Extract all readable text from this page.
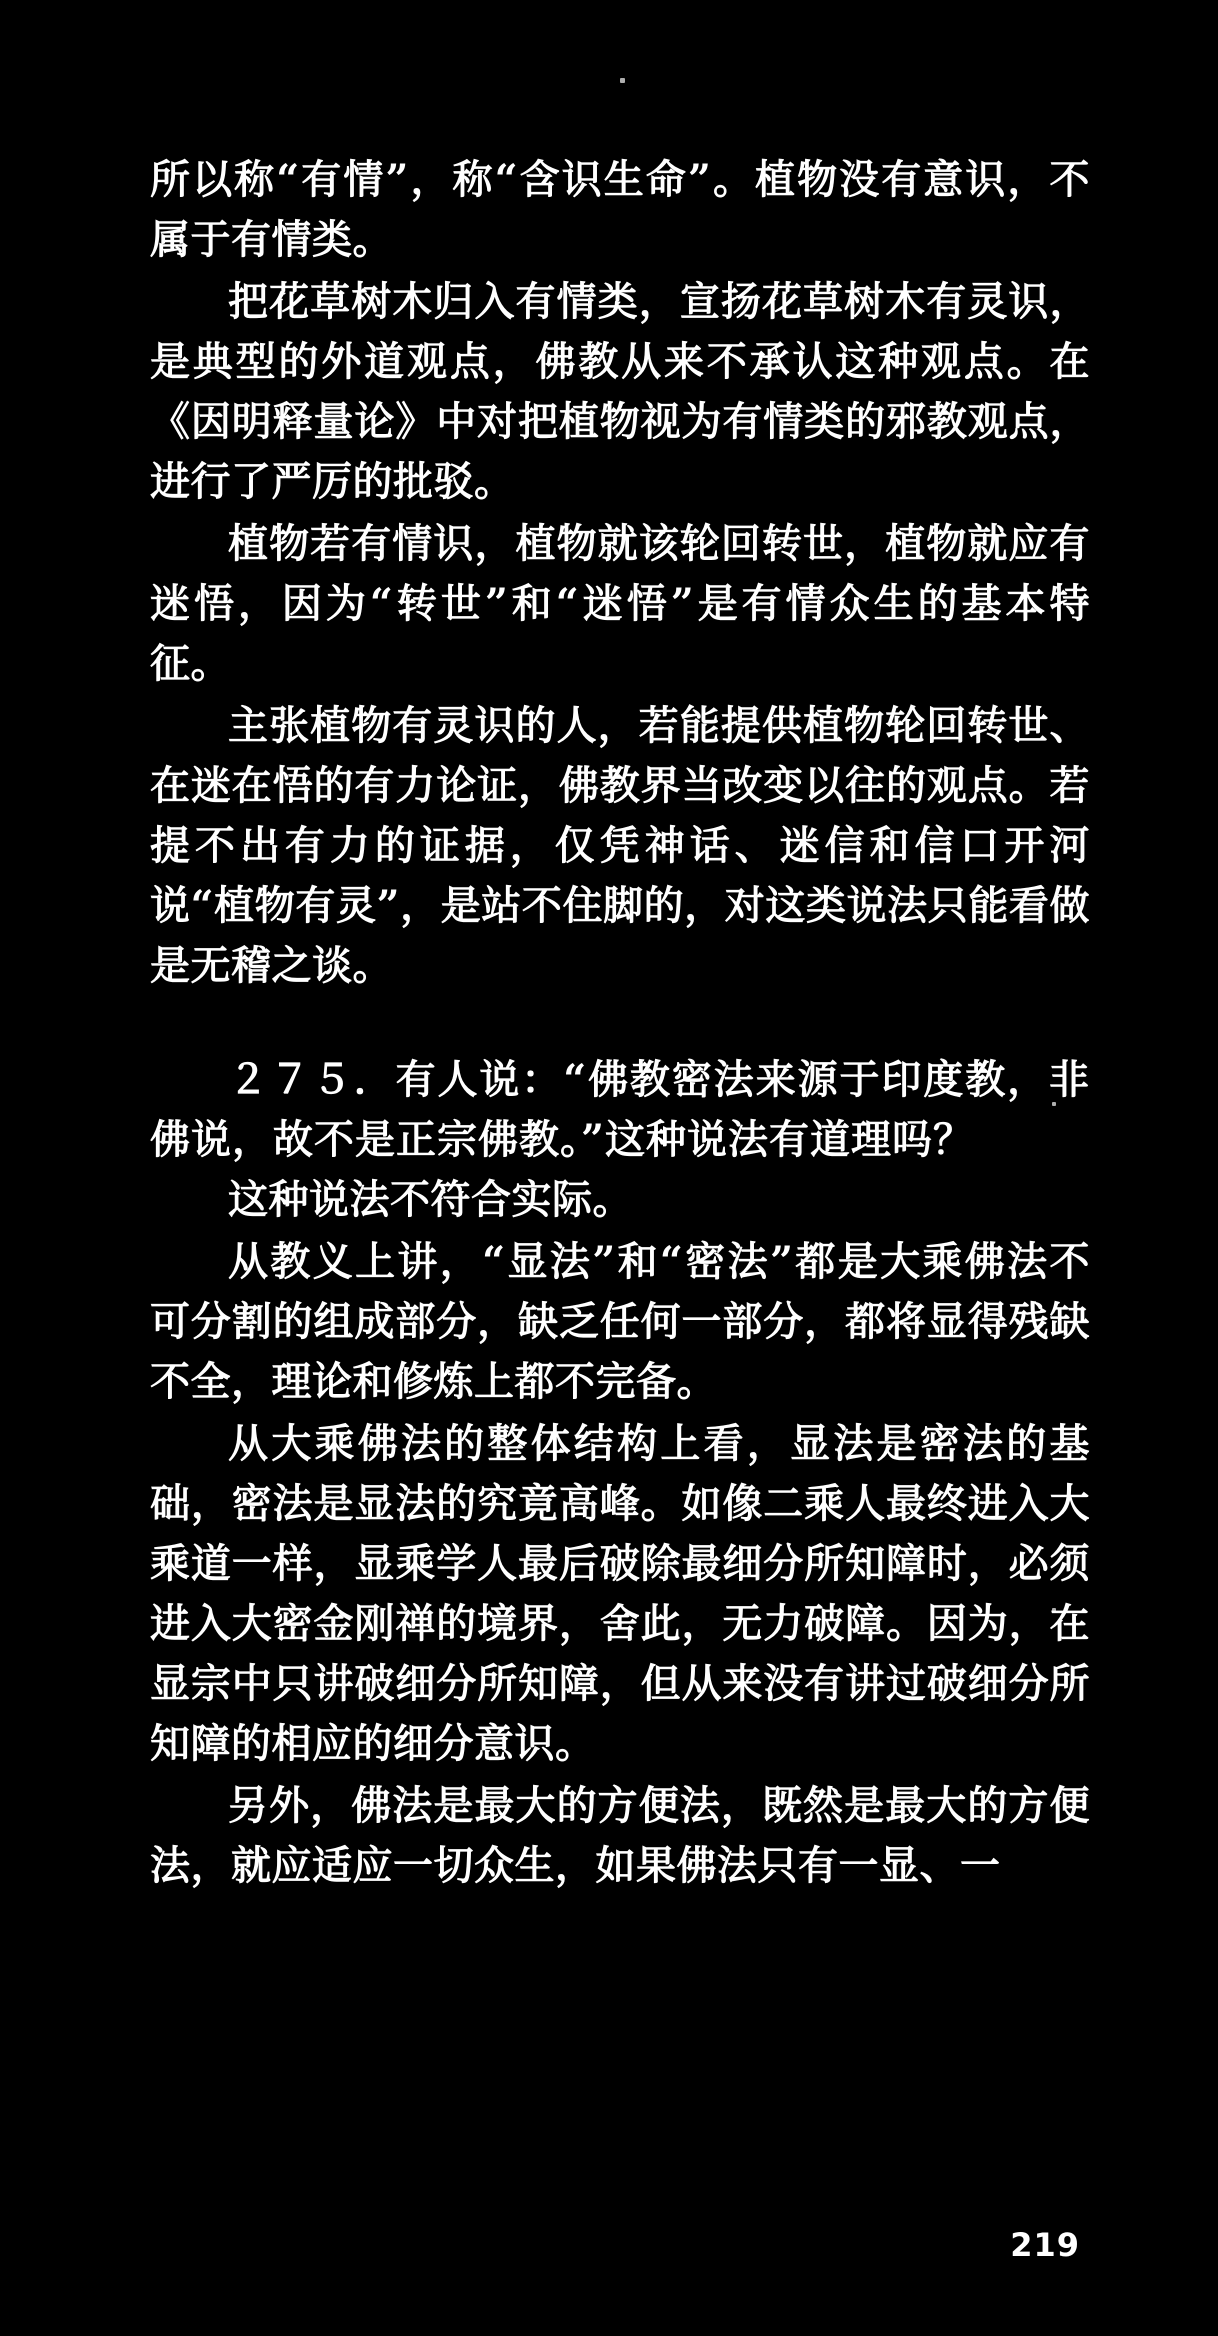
所以称“有情”，称“含识生命”。植物没有意识，不属于有情类。

把花草树木归入有情类，宣扬花草树木有灵识，是典型的外道观点，佛教从来不承认这种观点。在《因明释量论》中对把植物视为有情类的邪教观点，进行了严厉的批驳。

植物若有情识，植物就该轮回转世，植物就应有迷悟，因为“转世”和“迷悟”是有情众生的基本特征。

主张植物有灵识的人，若能提供植物轮回转世、在迷在悟的有力论证，佛教界当改变以往的观点。若提不出有力的证据，仅凭神话、迷信和信口开河说“植物有灵”，是站不住脚的，对这类说法只能看做是无稽之谈。

２７５．有人说：“佛教密法来源于印度教，非佛说，故不是正宗佛教。”这种说法有道理吗？

这种说法不符合实际。

从教义上讲，“显法”和“密法”都是大乘佛法不可分割的组成部分，缺乏任何一部分，都将显得残缺不全，理论和修炼上都不完备。

从大乘佛法的整体结构上看，显法是密法的基础，密法是显法的究竟高峰。如像二乘人最终进入大乘道一样，显乘学人最后破除最细分所知障时，必须进入大密金刚禅的境界，舍此，无力破障。因为，在显宗中只讲破细分所知障，但从来没有讲过破细分所知障的相应的细分意识。

另外，佛法是最大的方便法，既然是最大的方便法，就应适应一切众生，如果佛法只有一显、一

219
